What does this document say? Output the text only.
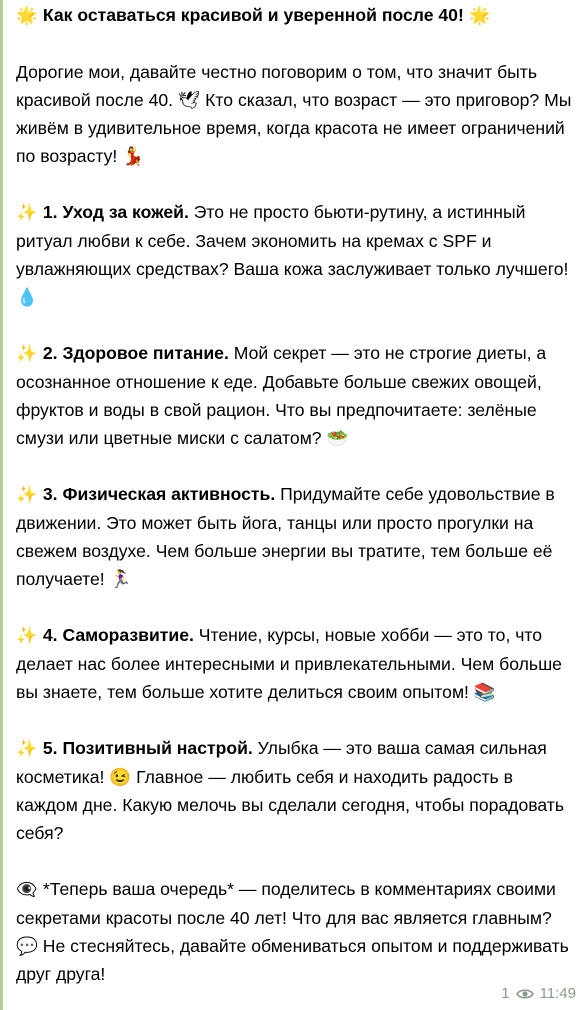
🌟 Как оставаться красивой и уверенной после 40! 🌟

Дорогие мои, давайте честно поговорим о том, что значит быть красивой после 40. 🕊 Кто сказал, что возраст — это приговор? Мы живём в удивительное время, когда красота не имеет ограничений по возрасту! 💃

✨ 1. Уход за кожей. Это не просто бьюти-рутину, а истинный ритуал любви к себе. Зачем экономить на кремах с SPF и увлажняющих средствах? Ваша кожа заслуживает только лучшего! 💧

✨ 2. Здоровое питание. Мой секрет — это не строгие диеты, а осознанное отношение к еде. Добавьте больше свежих овощей, фруктов и воды в свой рацион. Что вы предпочитаете: зелёные смузи или цветные миски с салатом? 🥗

✨ 3. Физическая активность. Придумайте себе удовольствие в движении. Это может быть йога, танцы или просто прогулки на свежем воздухе. Чем больше энергии вы тратите, тем больше её получаете! 🏃‍♀️

✨ 4. Саморазвитие. Чтение, курсы, новые хобби — это то, что делает нас более интересными и привлекательными. Чем больше вы знаете, тем больше хотите делиться своим опытом! 📚

✨ 5. Позитивный настрой. Улыбка — это ваша самая сильная косметика! 😉 Главное — любить себя и находить радость в каждом дне. Какую мелочь вы сделали сегодня, чтобы порадовать себя?

👁‍🗨 *Теперь ваша очередь* — поделитесь в комментариях своими секретами красоты после 40 лет! Что для вас является главным? 💬 Не стесняйтесь, давайте обмениваться опытом и поддерживать друг друга!

1 11:49
